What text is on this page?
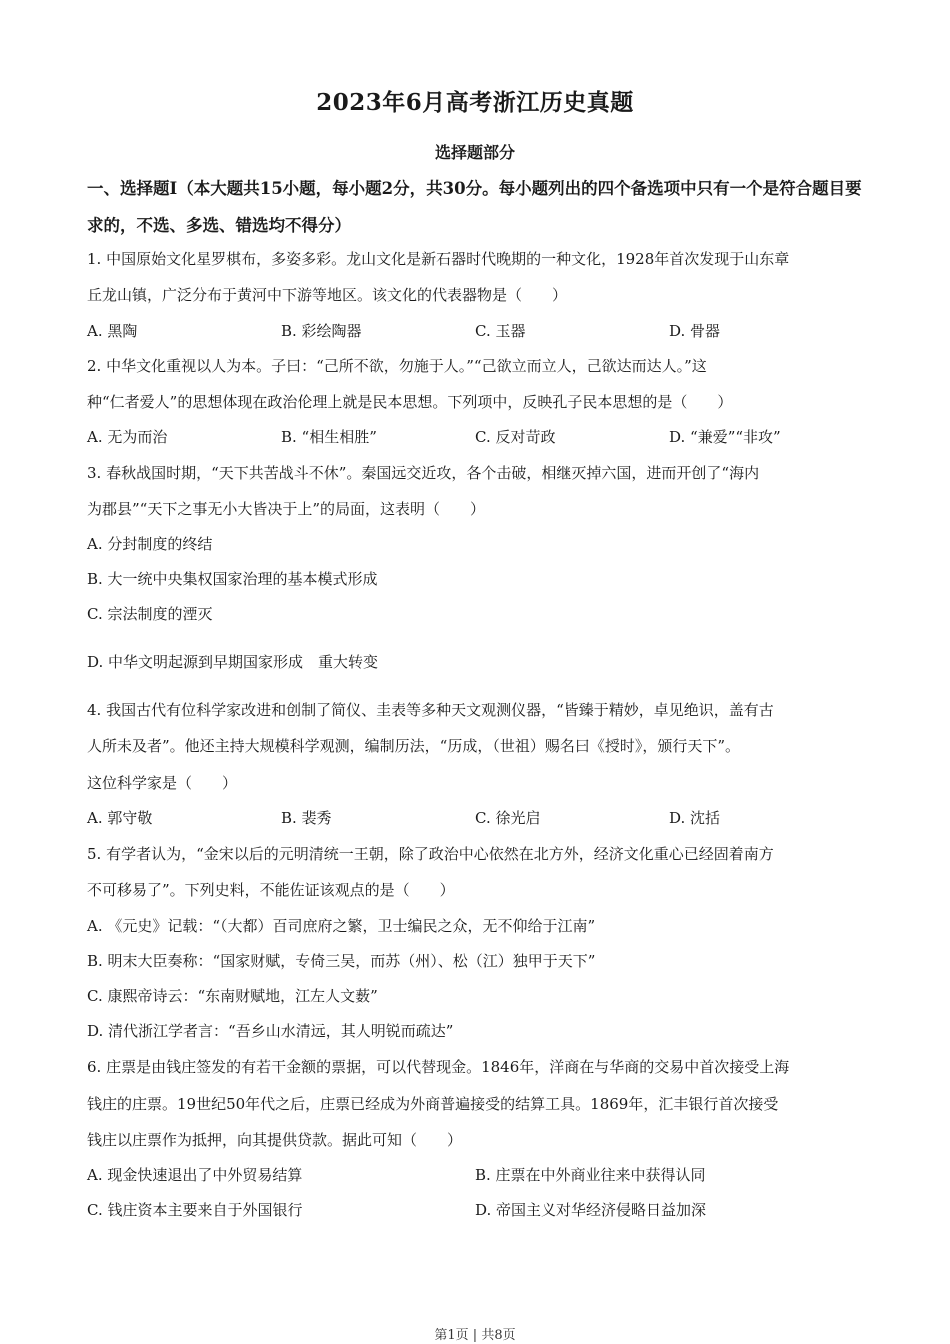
2023年6月高考浙江历史真题
选择题部分
一、选择题Ⅰ（本大题共15小题，每小题2分，共30分。每小题列出的四个备选项中只有一个是符合题目要求的，不选、多选、错选均不得分）
1. 中国原始文化星罗棋布，多姿多彩。龙山文化是新石器时代晚期的一种文化，1928年首次发现于山东章
丘龙山镇，广泛分布于黄河中下游等地区。该文化的代表器物是（　　）
A. 黑陶	B. 彩绘陶器	C. 玉器	D. 骨器
2. 中华文化重视以人为本。子曰：“己所不欲，勿施于人。”“己欲立而立人，己欲达而达人。”这
种“仁者爱人”的思想体现在政治伦理上就是民本思想。下列项中，反映孔子民本思想的是（　　）
A. 无为而治	B. “相生相胜”	C. 反对苛政	D. “兼爱”“非攻”
3. 春秋战国时期，“天下共苦战斗不休”。秦国远交近攻，各个击破，相继灭掉六国，进而开创了“海内
为郡县”“天下之事无小大皆决于上”的局面，这表明（　　）
A. 分封制度的终结
B. 大一统中央集权国家治理的基本模式形成
C. 宗法制度的湮灭
D. 中华文明起源到早期国家形成　重大转变
4. 我国古代有位科学家改进和创制了简仪、圭表等多种天文观测仪器，“皆臻于精妙，卓见绝识，盖有古
人所未及者”。他还主持大规模科学观测，编制历法，“历成，（世祖）赐名曰《授时》，颁行天下”。
这位科学家是（　　）
A. 郭守敬	B. 裴秀	C. 徐光启	D. 沈括
5. 有学者认为，“金宋以后的元明清统一王朝，除了政治中心依然在北方外，经济文化重心已经固着南方
不可移易了”。下列史料，不能佐证该观点的是（　　）
A. 《元史》记载：“（大都）百司庶府之繁，卫士编民之众，无不仰给于江南”
B. 明末大臣奏称：“国家财赋，专倚三吴，而苏（州）、松（江）独甲于天下”
C. 康熙帝诗云：“东南财赋地，江左人文薮”
D. 清代浙江学者言：“吾乡山水清远，其人明锐而疏达”
6. 庄票是由钱庄签发的有若干金额的票据，可以代替现金。1846年，洋商在与华商的交易中首次接受上海
钱庄的庄票。19世纪50年代之后，庄票已经成为外商普遍接受的结算工具。1869年，汇丰银行首次接受
钱庄以庄票作为抵押，向其提供贷款。据此可知（　　）
A. 现金快速退出了中外贸易结算	B. 庄票在中外商业往来中获得认同
C. 钱庄资本主要来自于外国银行	D. 帝国主义对华经济侵略日益加深
第1页 | 共8页
